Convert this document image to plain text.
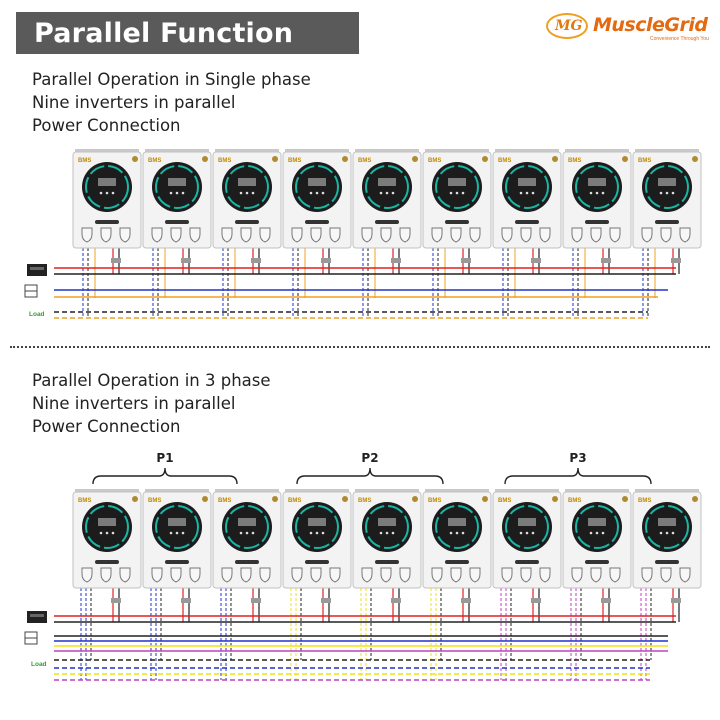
Parallel Function	MG MuscleGrid
Convenience Through You
Parallel Operation in Single phase
Nine inverters in parallel
Power Connection
Parallel Operation in 3 phase
Nine inverters in parallel
Power Connection
Load
BMS	BMS	BMS	BMS	BMS	BMS	BMS	BMS	BMS
Load
BMS	BMS	BMS	BMS	BMS	BMS	BMS	BMS	BMS
P1	P2	P3
